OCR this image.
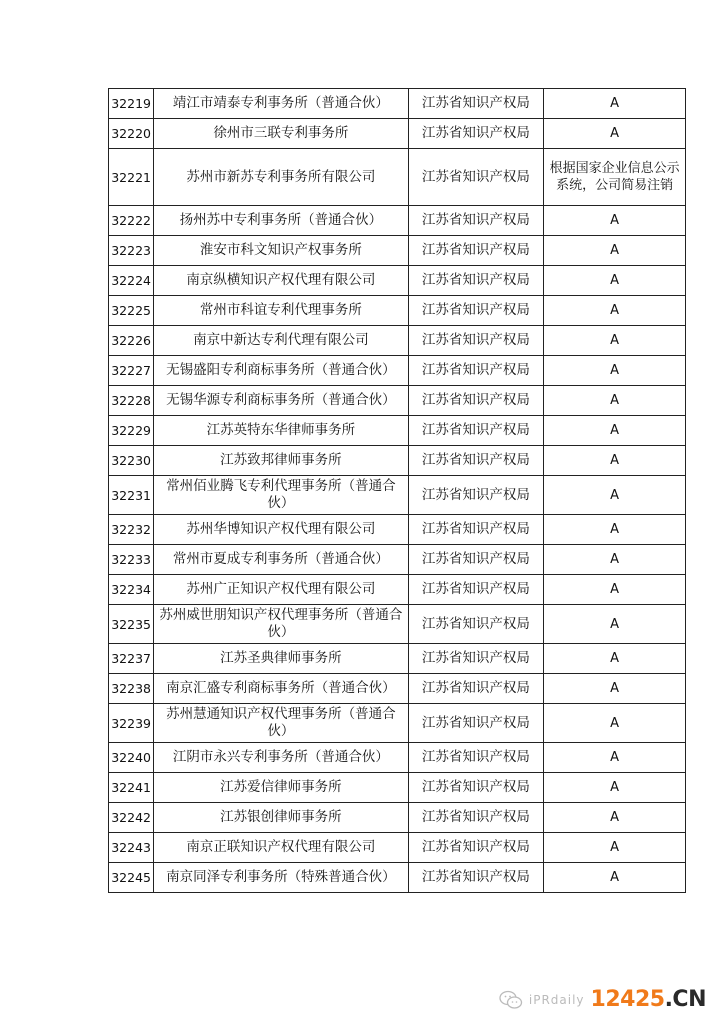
32219	靖江市靖泰专利事务所（普通合伙）	江苏省知识产权局	A
32220	徐州市三联专利事务所	江苏省知识产权局	A
32221	苏州市新苏专利事务所有限公司	江苏省知识产权局	根据国家企业信息公示系统，公司简易注销
32222	扬州苏中专利事务所（普通合伙）	江苏省知识产权局	A
32223	淮安市科文知识产权事务所	江苏省知识产权局	A
32224	南京纵横知识产权代理有限公司	江苏省知识产权局	A
32225	常州市科谊专利代理事务所	江苏省知识产权局	A
32226	南京中新达专利代理有限公司	江苏省知识产权局	A
32227	无锡盛阳专利商标事务所（普通合伙）	江苏省知识产权局	A
32228	无锡华源专利商标事务所（普通合伙）	江苏省知识产权局	A
32229	江苏英特东华律师事务所	江苏省知识产权局	A
32230	江苏致邦律师事务所	江苏省知识产权局	A
32231	常州佰业腾飞专利代理事务所（普通合伙）	江苏省知识产权局	A
32232	苏州华博知识产权代理有限公司	江苏省知识产权局	A
32233	常州市夏成专利事务所（普通合伙）	江苏省知识产权局	A
32234	苏州广正知识产权代理有限公司	江苏省知识产权局	A
32235	苏州威世朋知识产权代理事务所（普通合伙）	江苏省知识产权局	A
32237	江苏圣典律师事务所	江苏省知识产权局	A
32238	南京汇盛专利商标事务所（普通合伙）	江苏省知识产权局	A
32239	苏州慧通知识产权代理事务所（普通合伙）	江苏省知识产权局	A
32240	江阴市永兴专利事务所（普通合伙）	江苏省知识产权局	A
32241	江苏爱信律师事务所	江苏省知识产权局	A
32242	江苏银创律师事务所	江苏省知识产权局	A
32243	南京正联知识产权代理有限公司	江苏省知识产权局	A
32245	南京同泽专利事务所（特殊普通合伙）	江苏省知识产权局	A
iPRdaily 12425.CN
